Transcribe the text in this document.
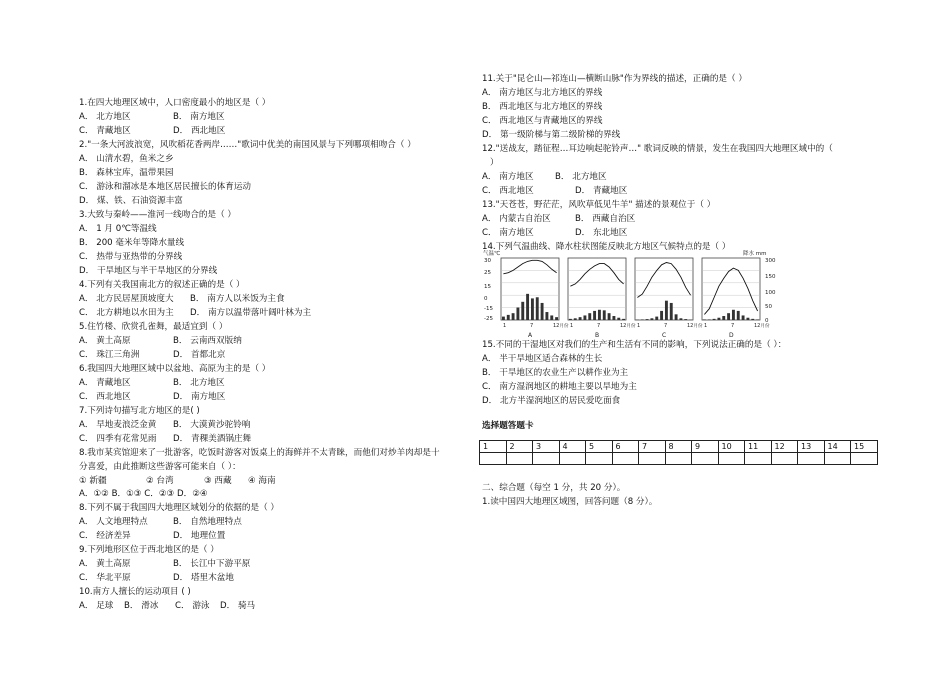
1.在四大地理区域中，人口密度最小的地区是（ ）
A． 北方地区	B． 南方地区
C． 青藏地区	D． 西北地区
2."一条大河波浪宽，风吹稻花香两岸……"歌词中优美的南国风景与下列哪项相吻合（ ）
A． 山清水碧，鱼米之乡
B． 森林宝库，温带果园
C． 游泳和溜冰是本地区居民擅长的体育运动
D． 煤、铁、石油资源丰富
3.大致与秦岭——淮河一线吻合的是（ ）
A． 1 月 0℃等温线
B． 200 毫米年等降水量线
C． 热带与亚热带的分界线
D． 干旱地区与半干旱地区的分界线
4.下列有关我国南北方的叙述正确的是（ ）
A． 北方民居屋顶坡度大 B． 南方人以米饭为主食
C． 北方耕地以水田为主 D． 南方以温带落叶阔叶林为主
5.住竹楼、欣赏孔雀舞，最适宜到（ ）
A． 黄土高原	B． 云南西双版纳
C． 珠江三角洲	D． 首都北京
6.我国四大地理区域中以盆地、高原为主的是（ ）
A． 青藏地区	B． 北方地区
C． 西北地区	D． 南方地区
7.下列诗句描写北方地区的是( )
A． 早地麦浪泛金黄 B． 大漠黄沙驼铃响
C． 四季有花常见雨 D． 青稞美酒锅庄舞
8.我市某宾馆迎来了一批游客，吃饭时游客对饭桌上的海鲜并不太青睐，而他们对炒羊肉却是十
分喜爱，由此推断这些游客可能来自（ ）：
① 新疆	② 台湾	③ 西藏 ④ 海南
A．①② B．①③ C．②③ D．②④
8.下列不属于我国四大地理区域划分的依据的是（ ）
A． 人文地理特点	B． 自然地理特点
C． 经济差异	D． 地理位置
9.下列地形区位于西北地区的是（ ）
A． 黄土高原	B． 长江中下游平原
C． 华北平原	D． 塔里木盆地
10.南方人擅长的运动项目 ( )
A． 足球 B． 滑冰 C． 游泳 D． 骑马
11.关于"昆仑山—祁连山—横断山脉"作为界线的描述，正确的是（ ）
A． 南方地区与北方地区的界线
B． 西北地区与北方地区的界线
C． 西北地区与青藏地区的界线
D． 第一级阶梯与第二级阶梯的界线
12."送战友，踏征程…耳边响起驼铃声…" 歌词反映的情景，发生在我国四大地理区域中的（
）
A． 南方地区 B． 北方地区
C． 西北地区	D． 青藏地区
13."天苍苍，野茫茫，风吹草低见牛羊" 描述的景观位于（ ）
A． 内蒙古自治区	B． 西藏自治区
C． 南方地区	D． 东北地区
14.下列气温曲线、降水柱状图能反映北方地区气候特点的是（ ）
15.不同的干湿地区对我们的生产和生活有不同的影响，下列说法正确的是（ ）：
A． 半干旱地区适合森林的生长
B． 干旱地区的农业生产以耕作业为主
C． 南方湿润地区的耕地主要以旱地为主
D． 北方半湿润地区的居民爱吃面食
选择题答题卡
二、综合题（每空 1 分，共 20 分）。
1.读中国四大地理区域图，回答问题（8 分）。
气温℃
30
25
15
0
-15
-25
降水 mm
300
150
100
50
0
1	7	12 月份
A
1	7	12 月份
B
1	7	12 月份
C
1	7	12 月份
D
1	2	3	4	5	6	7	8	9	10	11	12	13	14	15
